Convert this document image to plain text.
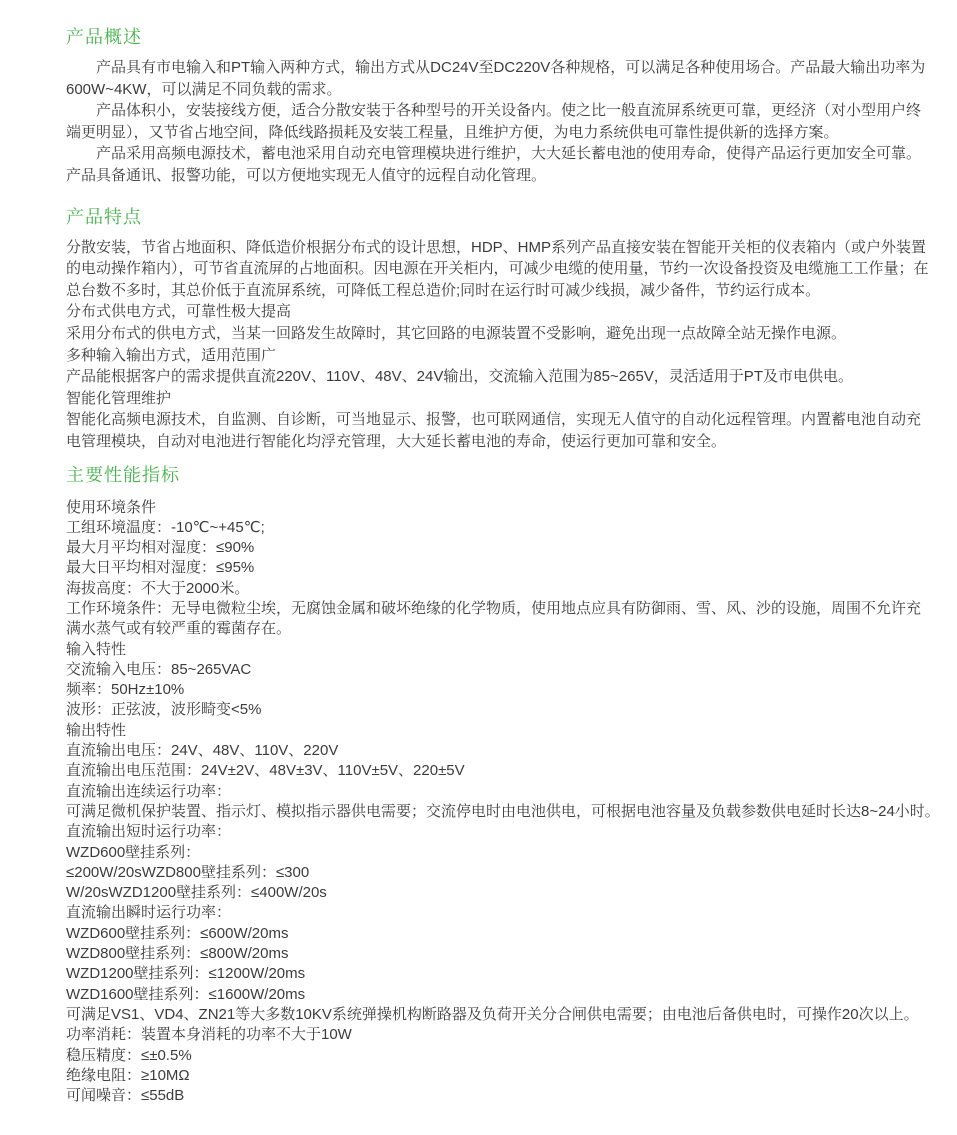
产品概述

产品具有市电输入和PT输入两种方式，输出方式从DC24V至DC220V各种规格，可以满足各种使用场合。产品最大输出功率为600W~4KW，可以满足不同负载的需求。

产品体积小，安装接线方便，适合分散安装于各种型号的开关设备内。使之比一般直流屏系统更可靠，更经济（对小型用户终端更明显），又节省占地空间，降低线路损耗及安装工程量，且维护方便，为电力系统供电可靠性提供新的选择方案。

产品采用高频电源技术，蓄电池采用自动充电管理模块进行维护，大大延长蓄电池的使用寿命，使得产品运行更加安全可靠。产品具备通讯、报警功能，可以方便地实现无人值守的远程自动化管理。

产品特点

分散安装，节省占地面积、降低造价根据分布式的设计思想，HDP、HMP系列产品直接安装在智能开关柜的仪表箱内（或户外装置的电动操作箱内），可节省直流屏的占地面积。因电源在开关柜内，可减少电缆的使用量，节约一次设备投资及电缆施工工作量；在总台数不多时，其总价低于直流屏系统，可降低工程总造价;同时在运行时可减少线损，减少备件，节约运行成本。

分布式供电方式，可靠性极大提高

采用分布式的供电方式，当某一回路发生故障时，其它回路的电源装置不受影响，避免出现一点故障全站无操作电源。

多种输入输出方式，适用范围广

产品能根据客户的需求提供直流220V、110V、48V、24V输出，交流输入范围为85~265V，灵活适用于PT及市电供电。

智能化管理维护

智能化高频电源技术，自监测、自诊断，可当地显示、报警，也可联网通信，实现无人值守的自动化远程管理。内置蓄电池自动充电管理模块，自动对电池进行智能化均浮充管理，大大延长蓄电池的寿命，使运行更加可靠和安全。

主要性能指标
使用环境条件
工组环境温度：-10℃~+45℃;
最大月平均相对湿度：≤90%
最大日平均相对湿度：≤95%
海拔高度：不大于2000米。
工作环境条件：无导电微粒尘埃，无腐蚀金属和破坏绝缘的化学物质，使用地点应具有防御雨、雪、风、沙的设施，周围不允许充
满水蒸气或有较严重的霉菌存在。
输入特性
交流输入电压：85~265VAC
频率：50Hz±10%
波形：正弦波，波形畸变<5%
输出特性
直流输出电压：24V、48V、110V、220V
直流输出电压范围：24V±2V、48V±3V、110V±5V、220±5V
直流输出连续运行功率：
可满足微机保护装置、指示灯、模拟指示器供电需要；交流停电时由电池供电，可根据电池容量及负载参数供电延时长达8~24小时。
直流输出短时运行功率：
WZD600壁挂系列：
≤200W/20sWZD800壁挂系列：≤300
W/20sWZD1200壁挂系列：≤400W/20s
直流输出瞬时运行功率：
WZD600壁挂系列：≤600W/20ms
WZD800壁挂系列：≤800W/20ms
WZD1200壁挂系列：≤1200W/20ms
WZD1600壁挂系列：≤1600W/20ms
可满足VS1、VD4、ZN21等大多数10KV系统弹操机构断路器及负荷开关分合闸供电需要；由电池后备供电时，可操作20次以上。
功率消耗：装置本身消耗的功率不大于10W
稳压精度：≤±0.5%
绝缘电阻：≥10MΩ
可闻噪音：≤55dB
